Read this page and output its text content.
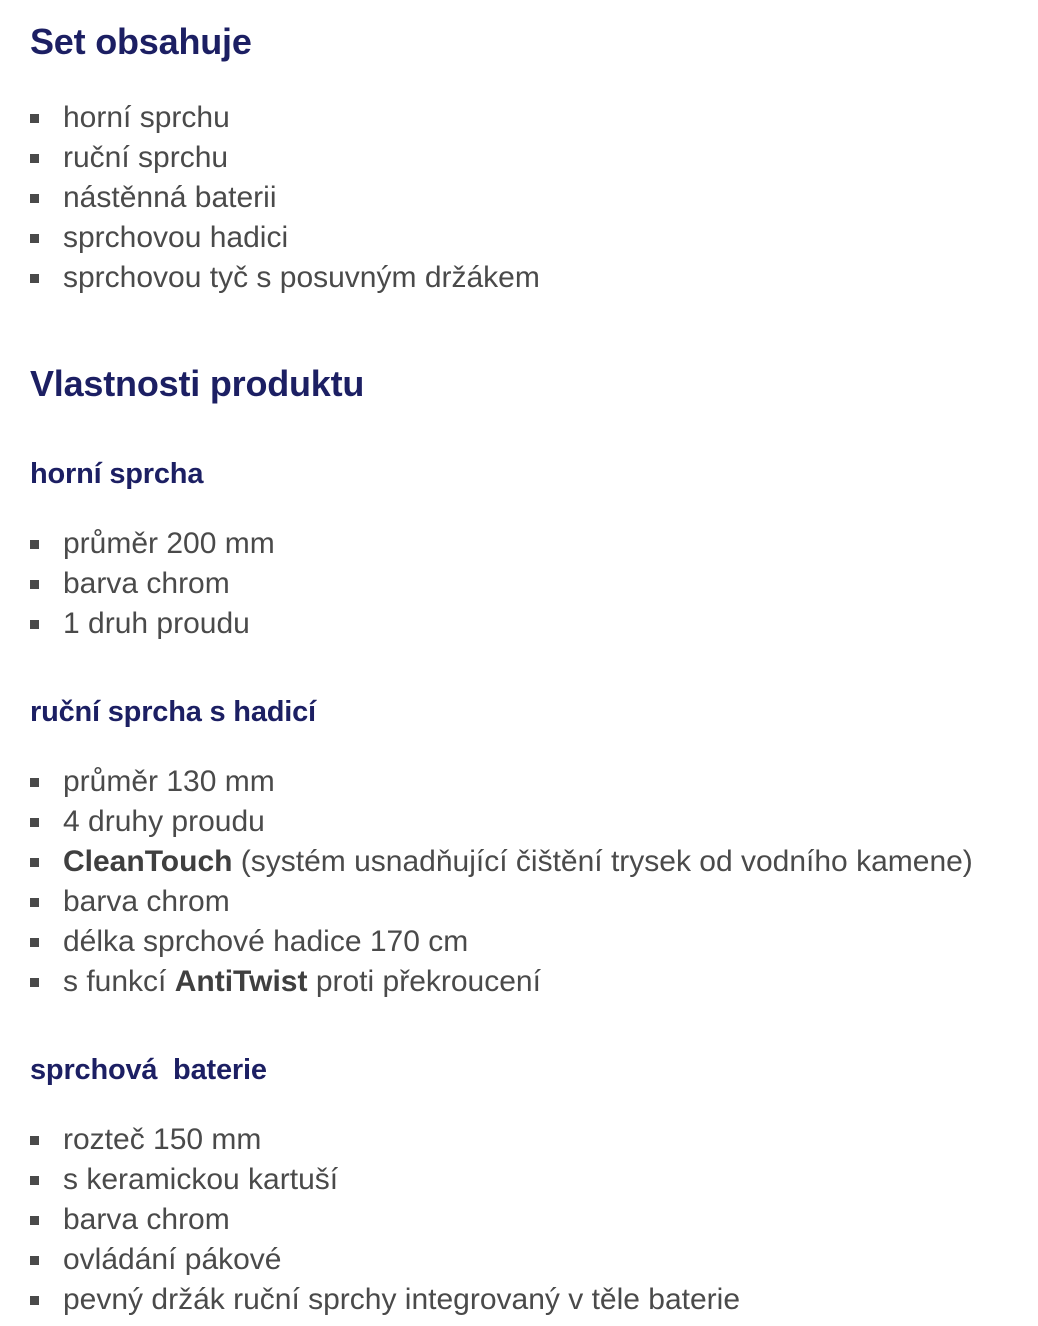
Set obsahuje
horní sprchu
ruční sprchu
nástěnná baterii
sprchovou hadici
sprchovou tyč s posuvným držákem
Vlastnosti produktu
horní sprcha
průměr 200 mm
barva chrom
1 druh proudu
ruční sprcha s hadicí
průměr 130 mm
4 druhy proudu
CleanTouch (systém usnadňující čištění trysek od vodního kamene)
barva chrom
délka sprchové hadice 170 cm
s funkcí AntiTwist proti překroucení
sprchová  baterie
rozteč 150 mm
s keramickou kartuší
barva chrom
ovládání pákové
pevný držák ruční sprchy integrovaný v těle baterie
